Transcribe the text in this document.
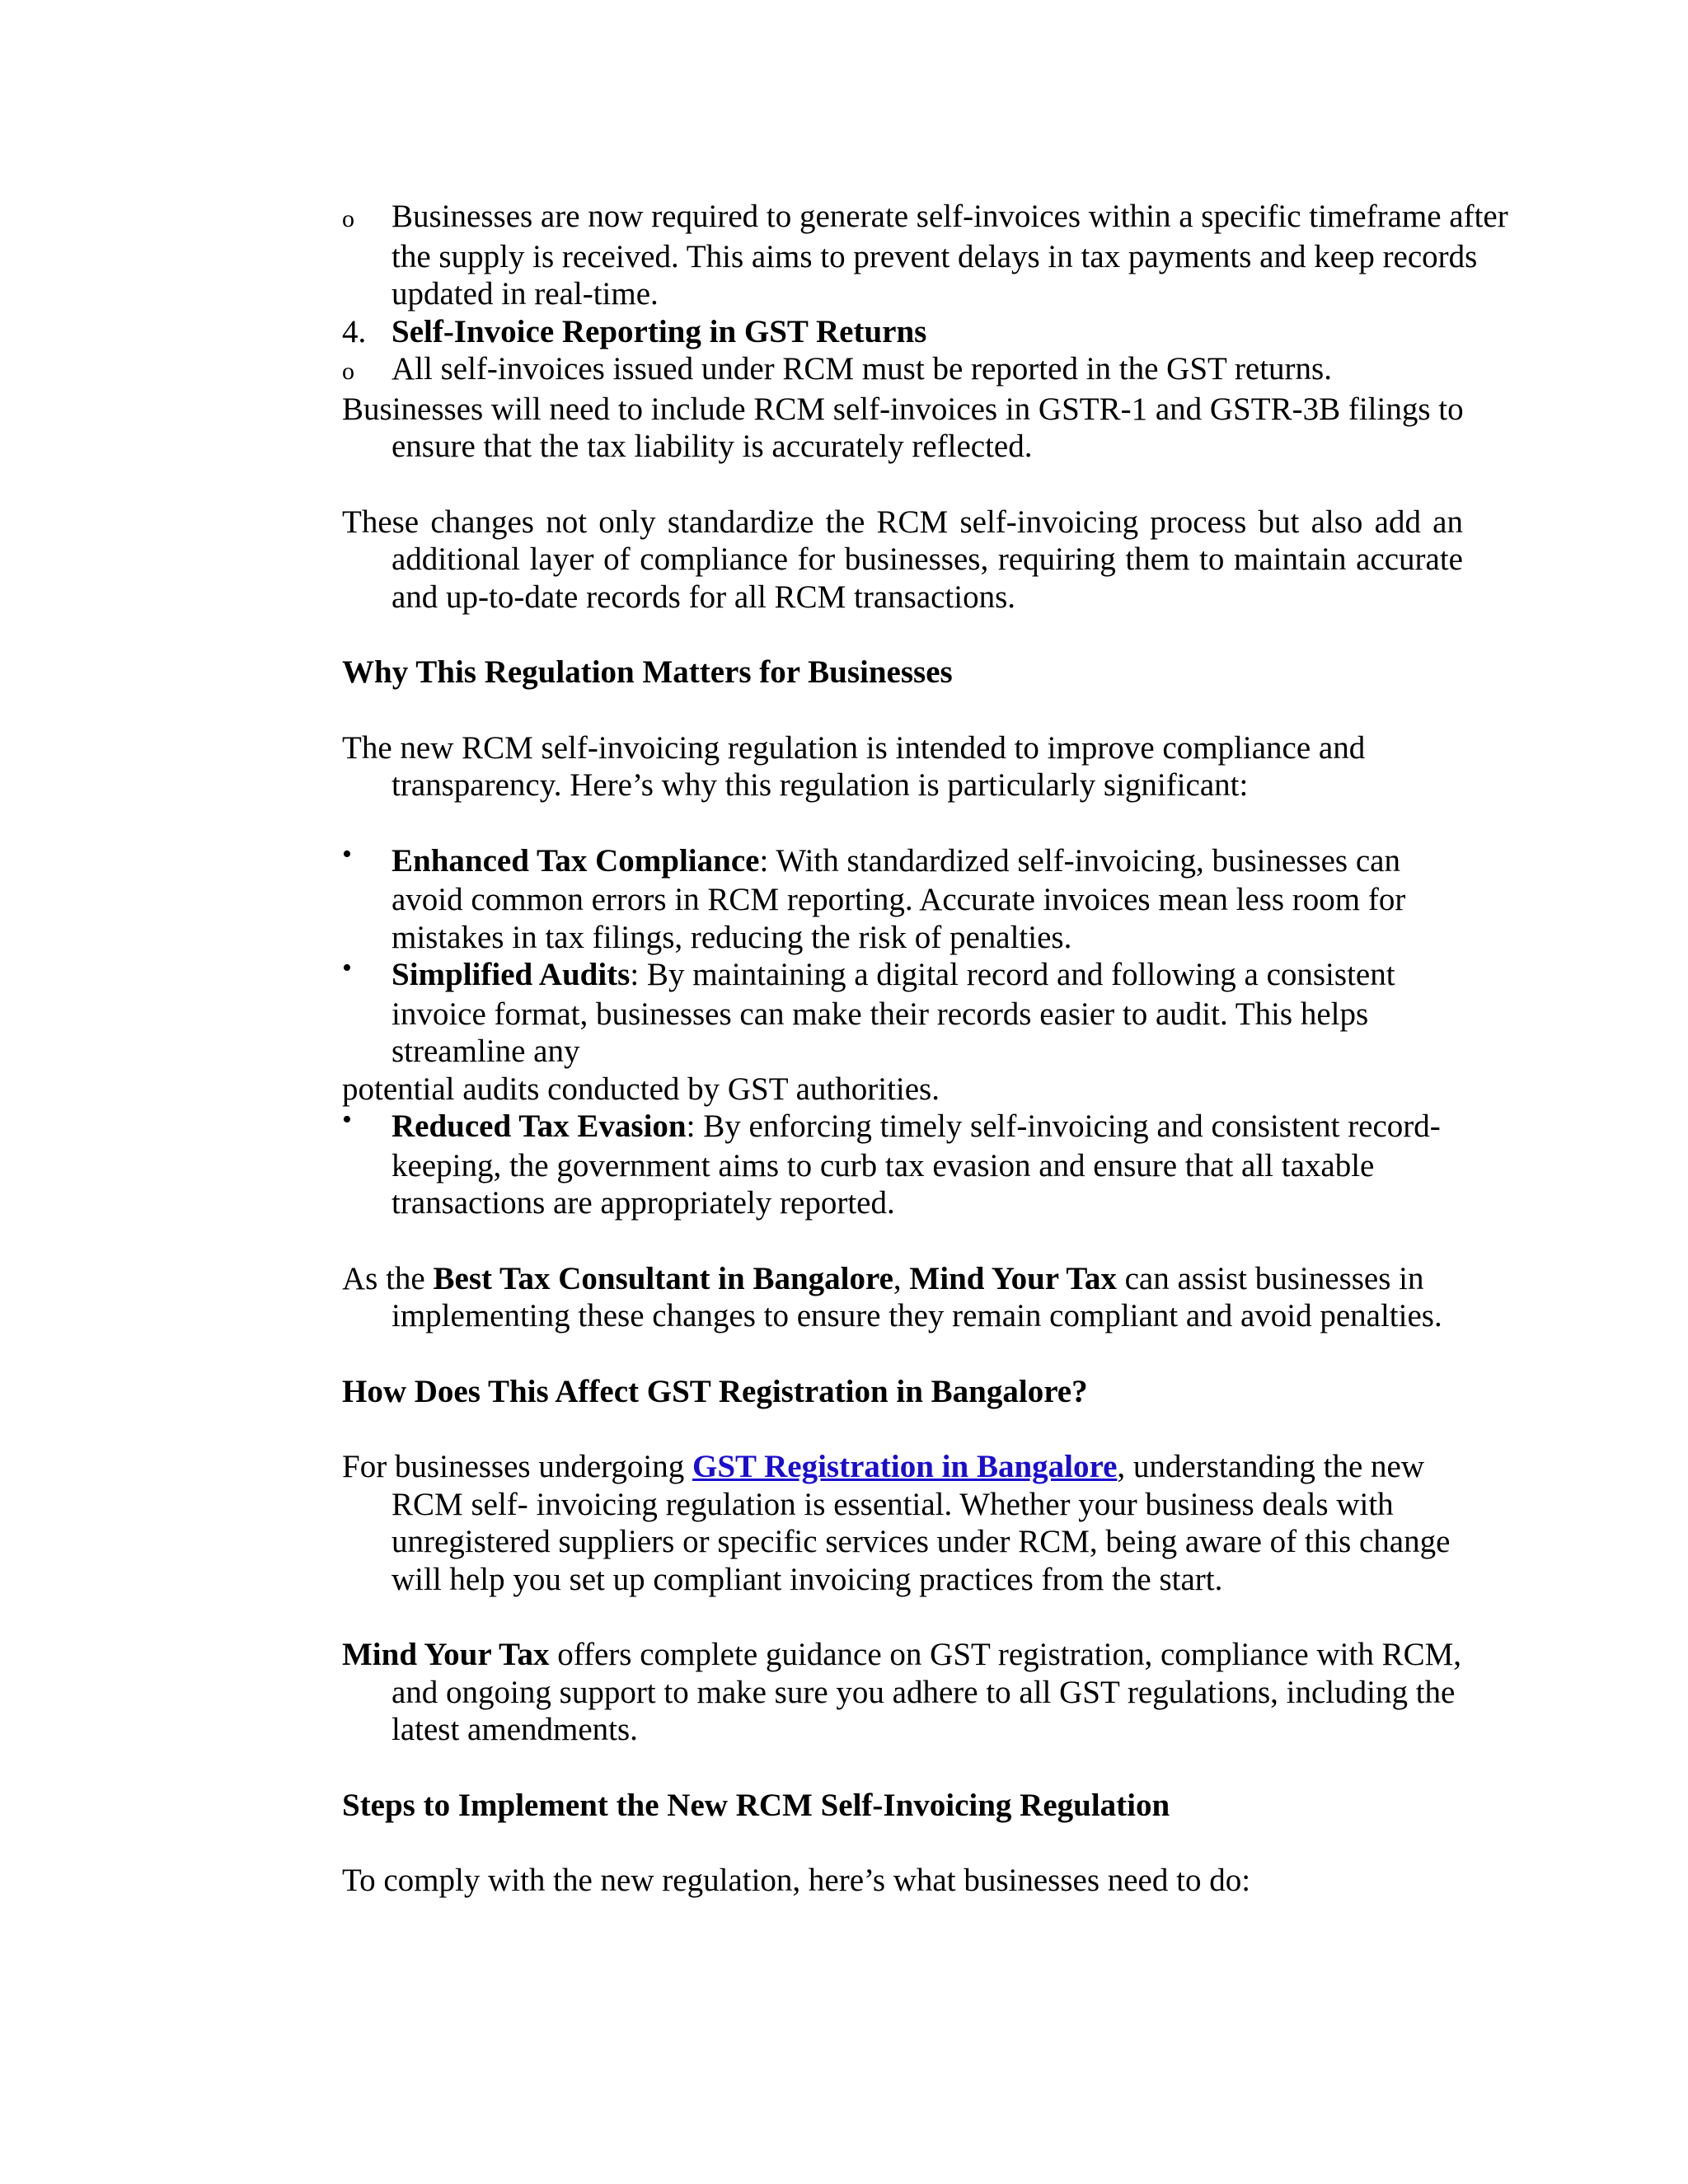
o Businesses are now required to generate self-invoices within a specific timeframe after the supply is received. This aims to prevent delays in tax payments and keep records updated in real-time.

4. Self-Invoice Reporting in GST Returns

o All self-invoices issued under RCM must be reported in the GST returns.

Businesses will need to include RCM self-invoices in GSTR-1 and GSTR-3B filings to ensure that the tax liability is accurately reflected.

These changes not only standardize the RCM self-invoicing process but also add an additional layer of compliance for businesses, requiring them to maintain accurate and up-to-date records for all RCM transactions.

Why This Regulation Matters for Businesses

The new RCM self-invoicing regulation is intended to improve compliance and transparency. Here’s why this regulation is particularly significant:

• Enhanced Tax Compliance: With standardized self-invoicing, businesses can avoid common errors in RCM reporting. Accurate invoices mean less room for mistakes in tax filings, reducing the risk of penalties.

• Simplified Audits: By maintaining a digital record and following a consistent invoice format, businesses can make their records easier to audit. This helps streamline any

potential audits conducted by GST authorities.

• Reduced Tax Evasion: By enforcing timely self-invoicing and consistent record-keeping, the government aims to curb tax evasion and ensure that all taxable transactions are appropriately reported.

As the Best Tax Consultant in Bangalore, Mind Your Tax can assist businesses in implementing these changes to ensure they remain compliant and avoid penalties.

How Does This Affect GST Registration in Bangalore?

For businesses undergoing GST Registration in Bangalore, understanding the new RCM self- invoicing regulation is essential. Whether your business deals with unregistered suppliers or specific services under RCM, being aware of this change will help you set up compliant invoicing practices from the start.

Mind Your Tax offers complete guidance on GST registration, compliance with RCM, and ongoing support to make sure you adhere to all GST regulations, including the latest amendments.

Steps to Implement the New RCM Self-Invoicing Regulation

To comply with the new regulation, here’s what businesses need to do:
